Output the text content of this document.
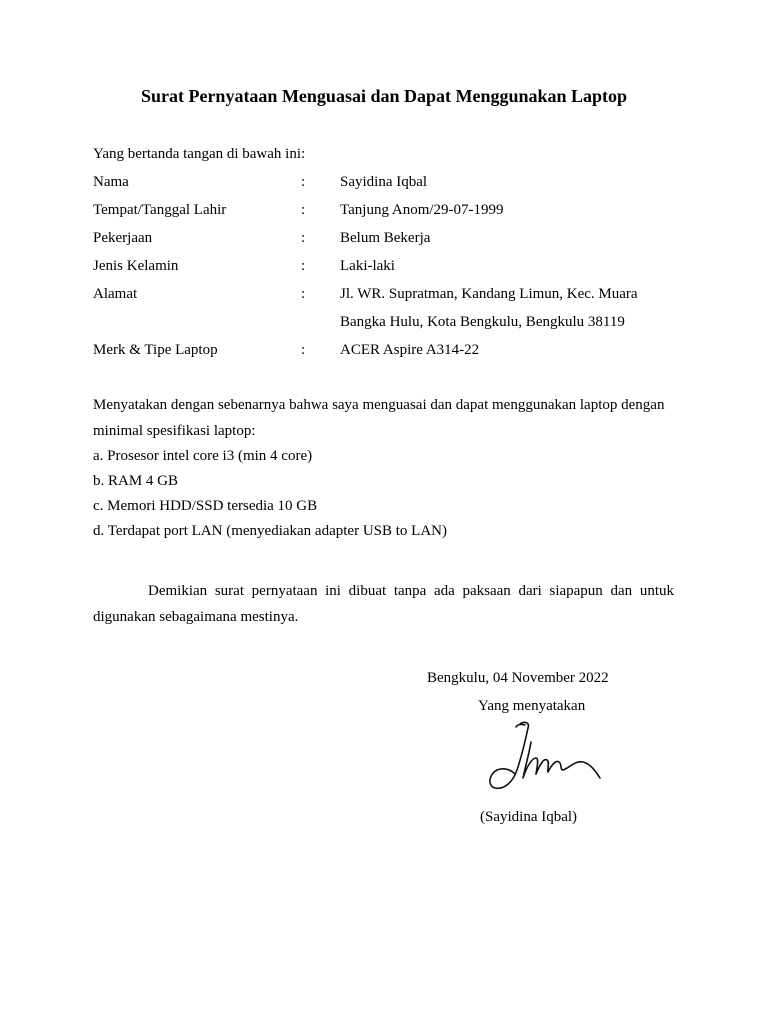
Surat Pernyataan Menguasai dan Dapat Menggunakan Laptop
Yang bertanda tangan di bawah ini:
Nama	: Sayidina Iqbal
Tempat/Tanggal Lahir	: Tanjung Anom/29-07-1999
Pekerjaan	: Belum Bekerja
Jenis Kelamin	: Laki-laki
Alamat	: Jl. WR. Supratman, Kandang Limun, Kec. Muara
Bangka Hulu, Kota Bengkulu, Bengkulu 38119
Merk & Tipe Laptop	: ACER Aspire A314-22
Menyatakan dengan sebenarnya bahwa saya menguasai dan dapat menggunakan laptop dengan
minimal spesifikasi laptop:
a. Prosesor intel core i3 (min 4 core)
b. RAM 4 GB
c. Memori HDD/SSD tersedia 10 GB
d. Terdapat port LAN (menyediakan adapter USB to LAN)
Demikian surat pernyataan ini dibuat tanpa ada paksaan dari siapapun dan untuk
digunakan sebagaimana mestinya.
Bengkulu, 04 November 2022
Yang menyatakan
(Sayidina Iqbal)
